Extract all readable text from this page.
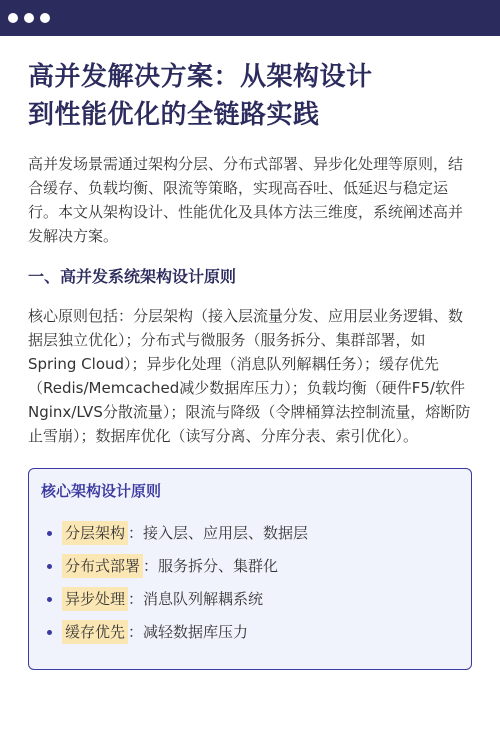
高并发解决方案：从架构设计
到性能优化的全链路实践

高并发场景需通过架构分层、分布式部署、异步化处理等原则，结合缓存、负载均衡、限流等策略，实现高吞吐、低延迟与稳定运行。本文从架构设计、性能优化及具体方法三维度，系统阐述高并发解决方案。

一、高并发系统架构设计原则

核心原则包括：分层架构（接入层流量分发、应用层业务逻辑、数据层独立优化）；分布式与微服务（服务拆分、集群部署，如Spring Cloud）；异步化处理（消息队列解耦任务）；缓存优先（Redis/Memcached减少数据库压力）；负载均衡（硬件F5/软件Nginx/LVS分散流量）；限流与降级（令牌桶算法控制流量，熔断防止雪崩）；数据库优化（读写分离、分库分表、索引优化）。

核心架构设计原则
分层架构 ： 接入层、应用层、数据层
分布式部署 ： 服务拆分、集群化
异步处理 ： 消息队列解耦系统
缓存优先 ： 减轻数据库压力
